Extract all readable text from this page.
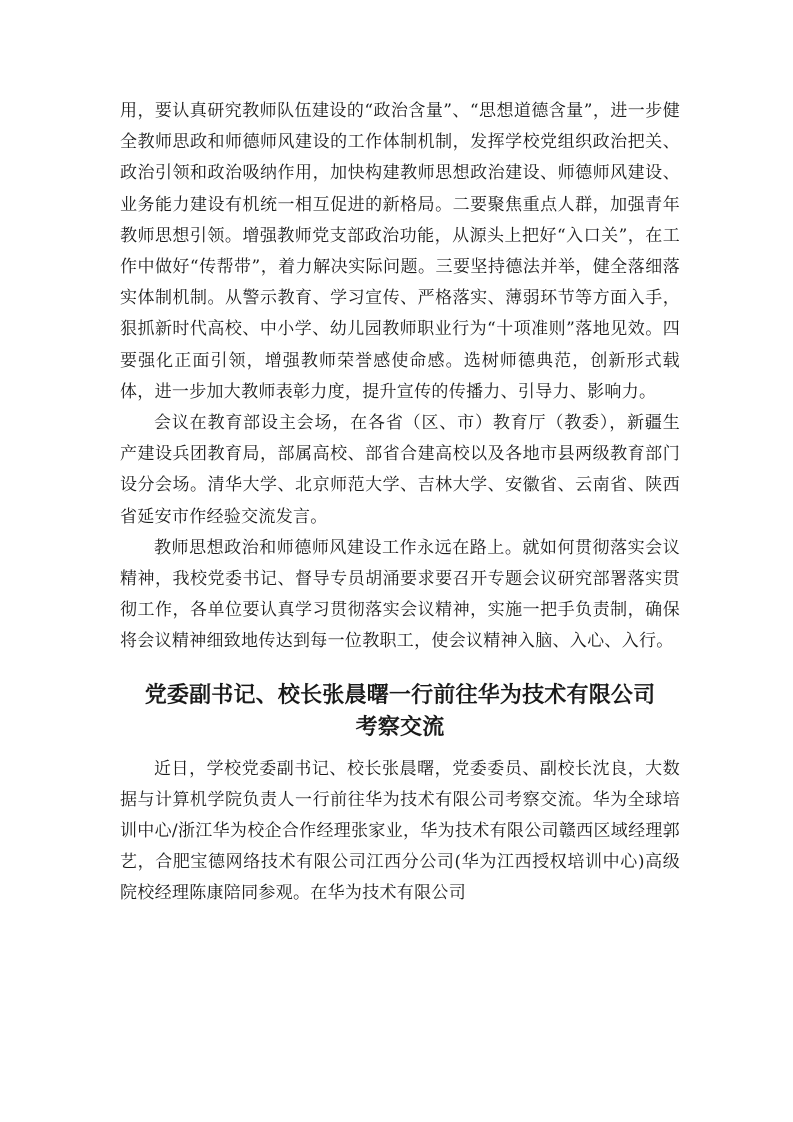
用，要认真研究教师队伍建设的“政治含量”、“思想道德含量”，进一步健全教师思政和师德师风建设的工作体制机制，发挥学校党组织政治把关、政治引领和政治吸纳作用，加快构建教师思想政治建设、师德师风建设、业务能力建设有机统一相互促进的新格局。二要聚焦重点人群，加强青年教师思想引领。增强教师党支部政治功能，从源头上把好“入口关”，在工作中做好“传帮带”，着力解决实际问题。三要坚持德法并举，健全落细落实体制机制。从警示教育、学习宣传、严格落实、薄弱环节等方面入手，狠抓新时代高校、中小学、幼儿园教师职业行为“十项准则”落地见效。四要强化正面引领，增强教师荣誉感使命感。选树师德典范，创新形式载体，进一步加大教师表彰力度，提升宣传的传播力、引导力、影响力。

会议在教育部设主会场，在各省（区、市）教育厅（教委），新疆生产建设兵团教育局，部属高校、部省合建高校以及各地市县两级教育部门设分会场。清华大学、北京师范大学、吉林大学、安徽省、云南省、陕西省延安市作经验交流发言。

教师思想政治和师德师风建设工作永远在路上。就如何贯彻落实会议精神，我校党委书记、督导专员胡涌要求要召开专题会议研究部署落实贯彻工作，各单位要认真学习贯彻落实会议精神，实施一把手负责制，确保将会议精神细致地传达到每一位教职工，使会议精神入脑、入心、入行。

党委副书记、校长张晨曙一行前往华为技术有限公司
考察交流

近日，学校党委副书记、校长张晨曙，党委委员、副校长沈良，大数据与计算机学院负责人一行前往华为技术有限公司考察交流。华为全球培训中心/浙江华为校企合作经理张家业，华为技术有限公司赣西区域经理郭艺，合肥宝德网络技术有限公司江西分公司(华为江西授权培训中心)高级院校经理陈康陪同参观。在华为技术有限公司
